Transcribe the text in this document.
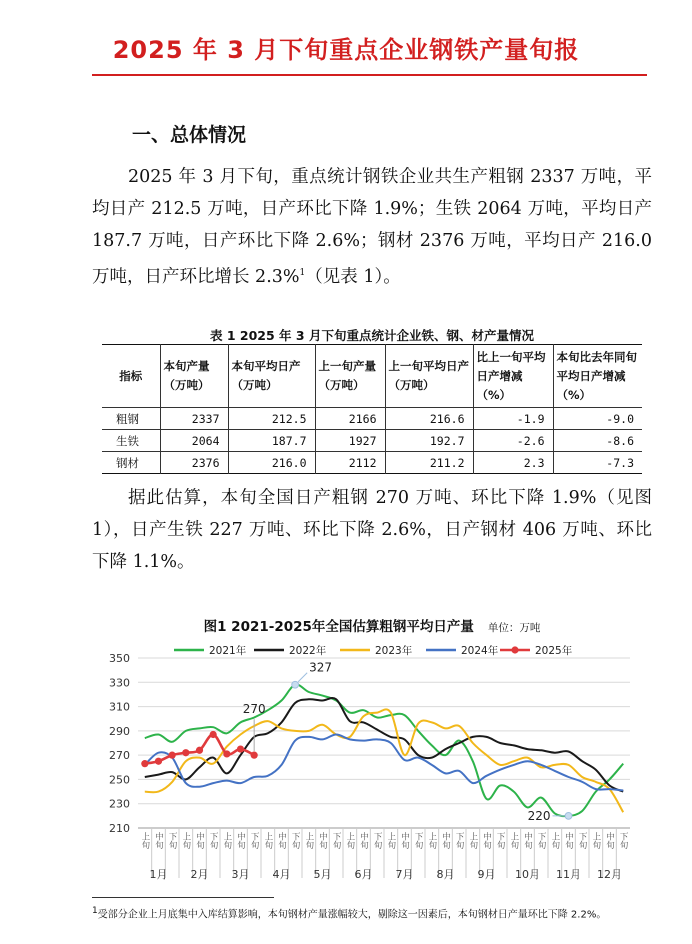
2025 年 3 月下旬重点企业钢铁产量旬报
一、总体情况

2025 年 3 月下旬，重点统计钢铁企业共生产粗钢 2337 万吨，平均日产 212.5 万吨，日产环比下降 1.9%；生铁 2064 万吨，平均日产 187.7 万吨，日产环比下降 2.6%；钢材 2376 万吨，平均日产 216.0 万吨，日产环比增长 2.3%$^1$（见表 1）。

表 1 2025 年 3 月下旬重点统计企业铁、钢、材产量情况
指标	本旬产量（万吨）	本旬平均日产（万吨）	上一旬产量（万吨）	上一旬平均日产（万吨）	比上一旬平均日产增减（%）	本旬比去年同旬平均日产增减（%）
粗钢	2337	212.5	2166	216.6	-1.9	-9.0
生铁	2064	187.7	1927	192.7	-2.6	-8.6
钢材	2376	216.0	2112	211.2	2.3	-7.3

据此估算，本旬全国日产粗钢 270 万吨、环比下降 1.9%（见图 1），日产生铁 227 万吨、环比下降 2.6%，日产钢材 406 万吨、环比下降 1.1%。

图1 2021-2025年全国估算粗钢平均日产量 单位：万吨
2021年	2022年	2023年	2024年	2025年
210
230
250
270
290
310
330
350
上旬 中旬 下旬 上旬 中旬 下旬 上旬 中旬 下旬 上旬 中旬 下旬 上旬 中旬 下旬 上旬 中旬 下旬 上旬 中旬 下旬 上旬 中旬 下旬 上旬 中旬 下旬 上旬 中旬 下旬 上旬 中旬 下旬 上旬 中旬 下旬
1月 2月 3月 4月 5月 6月 7月 8月 9月 10月 11月 12月
327
270
220
$^1$受部分企业上月底集中入库结算影响，本旬钢材产量涨幅较大，剔除这一因素后，本旬钢材日产量环比下降 2.2%。
